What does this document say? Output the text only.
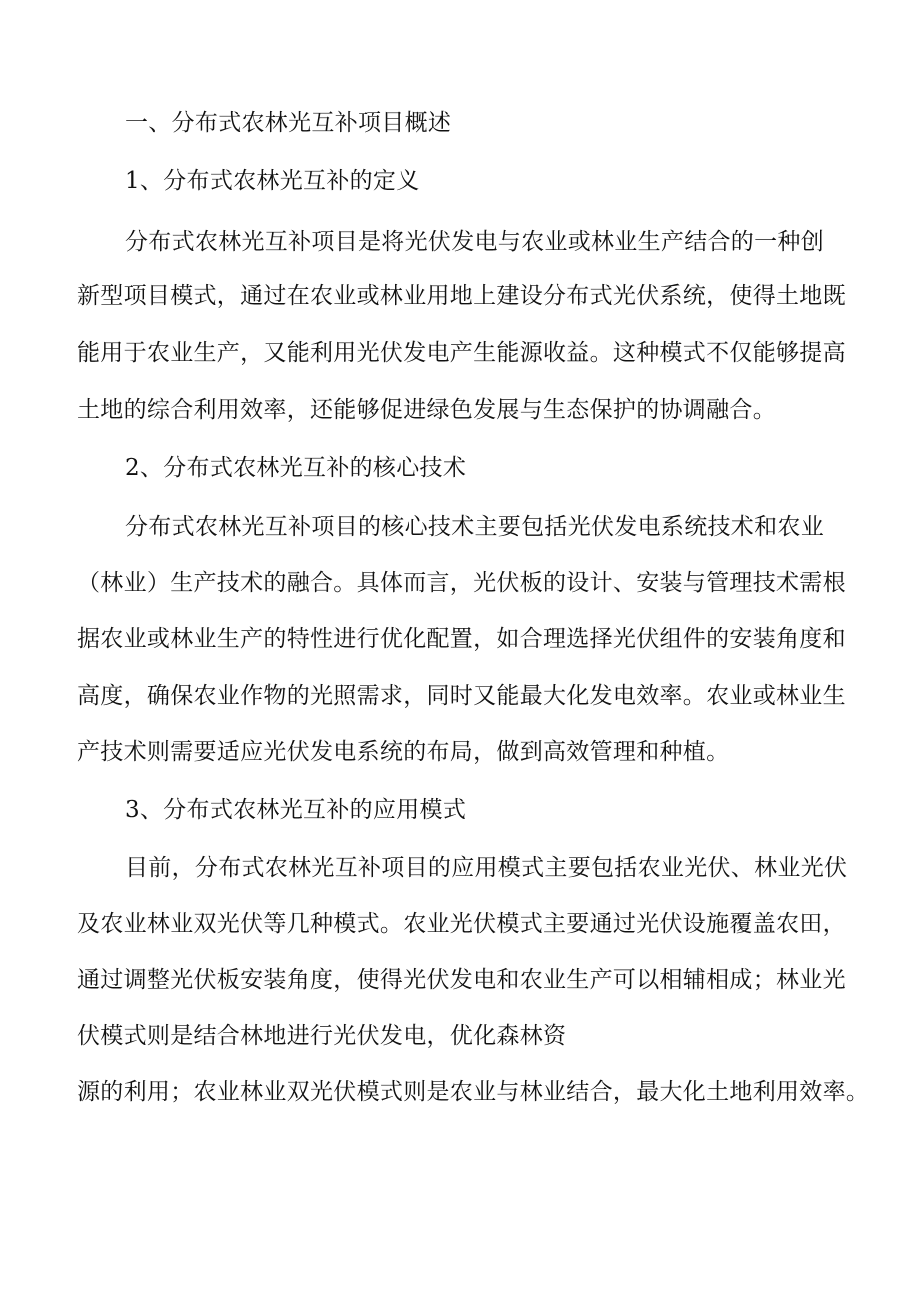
一、分布式农林光互补项目概述
1、分布式农林光互补的定义
分布式农林光互补项目是将光伏发电与农业或林业生产结合的一种创
新型项目模式，通过在农业或林业用地上建设分布式光伏系统，使得土地既
能用于农业生产，又能利用光伏发电产生能源收益。这种模式不仅能够提高
土地的综合利用效率，还能够促进绿色发展与生态保护的协调融合。
2、分布式农林光互补的核心技术
分布式农林光互补项目的核心技术主要包括光伏发电系统技术和农业
（林业）生产技术的融合。具体而言，光伏板的设计、安装与管理技术需根
据农业或林业生产的特性进行优化配置，如合理选择光伏组件的安装角度和
高度，确保农业作物的光照需求，同时又能最大化发电效率。农业或林业生
产技术则需要适应光伏发电系统的布局，做到高效管理和种植。
3、分布式农林光互补的应用模式
目前，分布式农林光互补项目的应用模式主要包括农业光伏、林业光伏
及农业林业双光伏等几种模式。农业光伏模式主要通过光伏设施覆盖农田，
通过调整光伏板安装角度，使得光伏发电和农业生产可以相辅相成；林业光
伏模式则是结合林地进行光伏发电，优化森林资
源的利用；农业林业双光伏模式则是农业与林业结合，最大化土地利用效率。
